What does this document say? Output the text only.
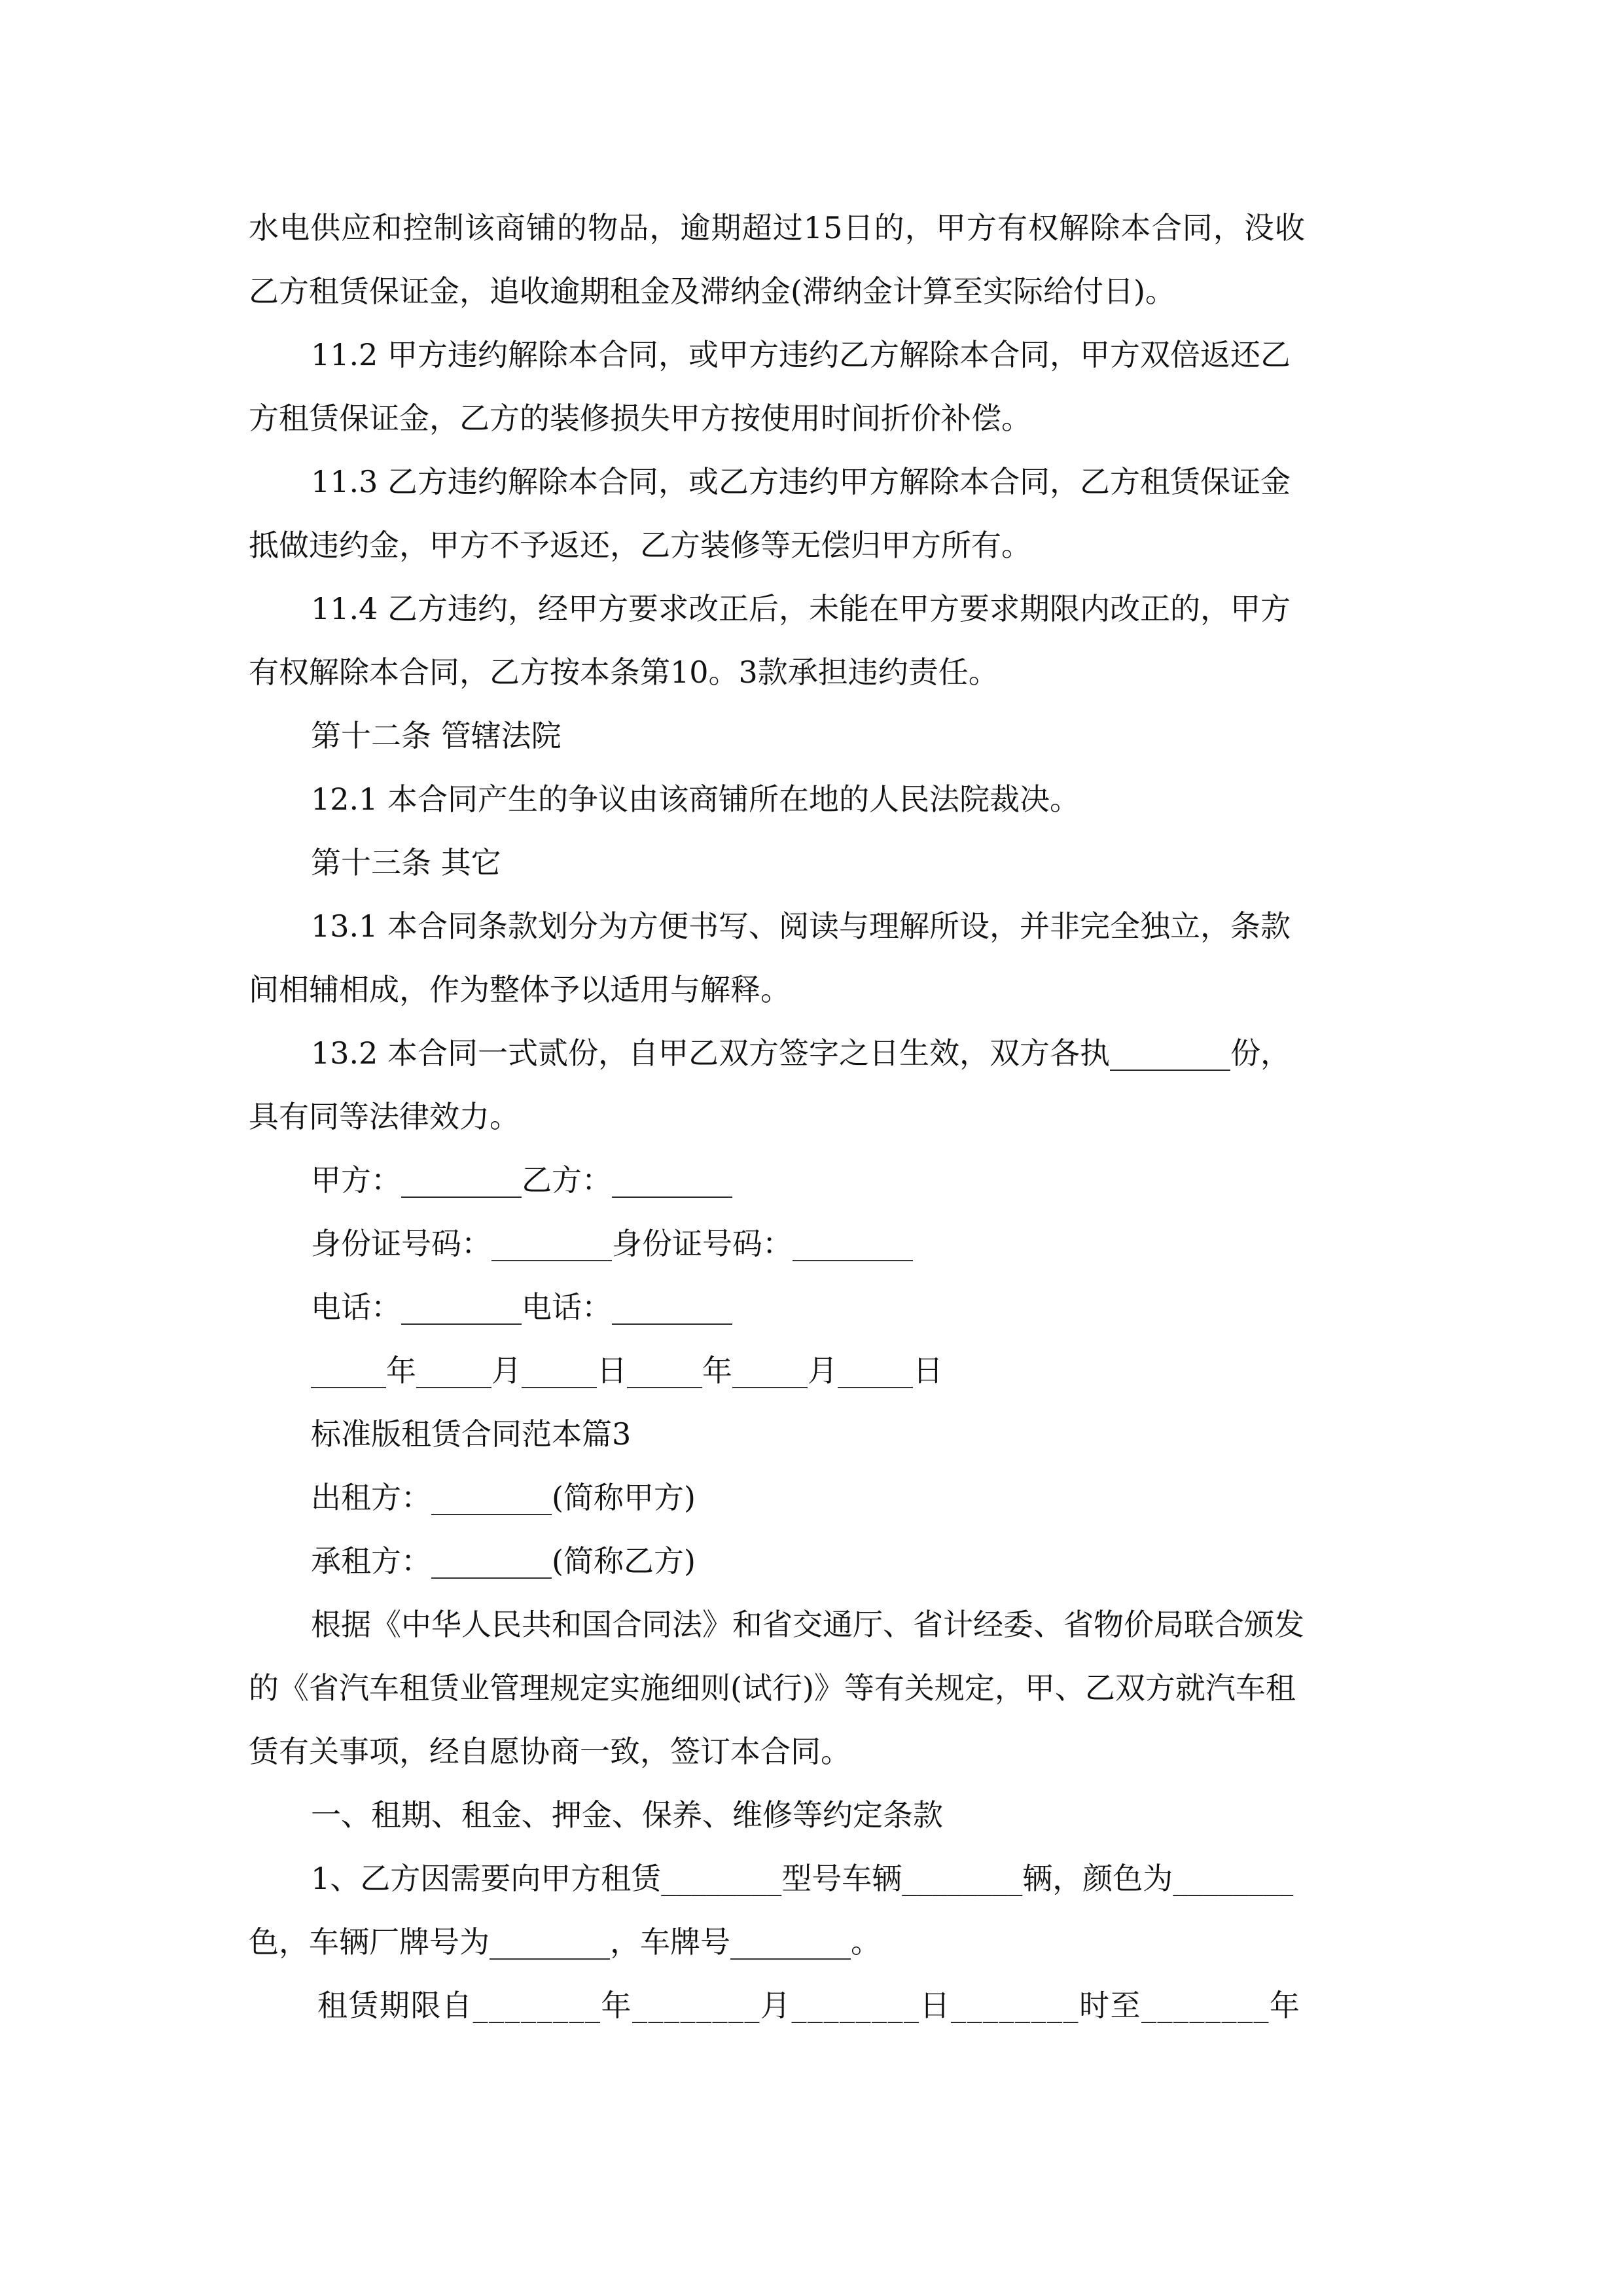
水电供应和控制该商铺的物品，逾期超过15日的，甲方有权解除本合同，没收
乙方租赁保证金，追收逾期租金及滞纳金(滞纳金计算至实际给付日)。
11.2 甲方违约解除本合同，或甲方违约乙方解除本合同，甲方双倍返还乙
方租赁保证金，乙方的装修损失甲方按使用时间折价补偿。
11.3 乙方违约解除本合同，或乙方违约甲方解除本合同，乙方租赁保证金
抵做违约金，甲方不予返还，乙方装修等无偿归甲方所有。
11.4 乙方违约，经甲方要求改正后，未能在甲方要求期限内改正的，甲方
有权解除本合同，乙方按本条第10。3款承担违约责任。
第十二条 管辖法院
12.1 本合同产生的争议由该商铺所在地的人民法院裁决。
第十三条 其它
13.1 本合同条款划分为方便书写、阅读与理解所设，并非完全独立，条款
间相辅相成，作为整体予以适用与解释。
13.2 本合同一式贰份，自甲乙双方签字之日生效，双方各执________份，
具有同等法律效力。
甲方：________乙方：________
身份证号码：________身份证号码：________
电话：________电话：________
_____年_____月_____日_____年_____月_____日
标准版租赁合同范本篇3
出租方：________(简称甲方)
承租方：________(简称乙方)
根据《中华人民共和国合同法》和省交通厅、省计经委、省物价局联合颁发
的《省汽车租赁业管理规定实施细则(试行)》等有关规定，甲、乙双方就汽车租
赁有关事项，经自愿协商一致，签订本合同。
一、租期、租金、押金、保养、维修等约定条款
1、乙方因需要向甲方租赁________型号车辆________辆，颜色为________
色，车辆厂牌号为________，车牌号________。
租赁期限自________年________月________日________时至________年
